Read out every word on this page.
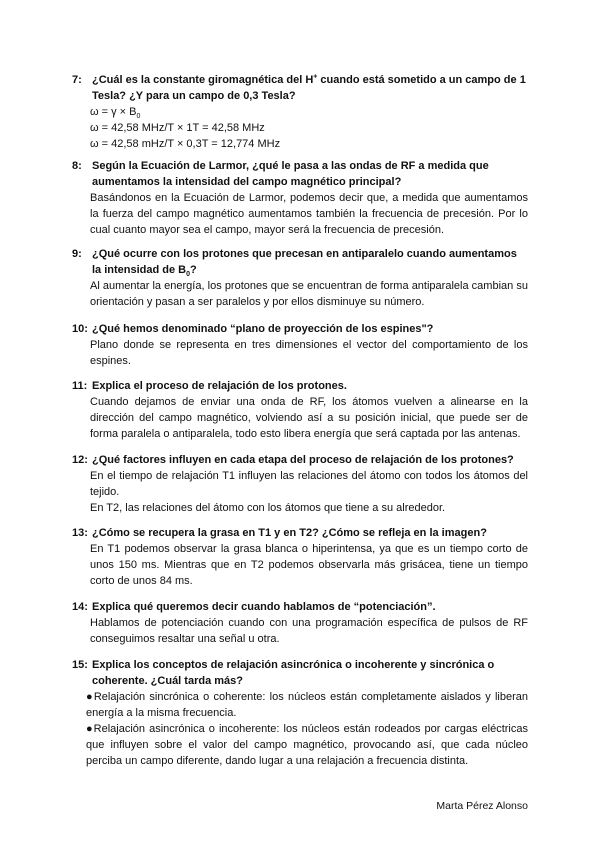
7: ¿Cuál es la constante giromagnética del H+ cuando está sometido a un campo de 1 Tesla? ¿Y para un campo de 0,3 Tesla?
$\omega = \gamma \times B_0$
ω = 42,58 MHz/T × 1T = 42,58 MHz
ω = 42,58 mHz/T × 0,3T = 12,774 MHz
8: Según la Ecuación de Larmor, ¿qué le pasa a las ondas de RF a medida que aumentamos la intensidad del campo magnético principal?
Basándonos en la Ecuación de Larmor, podemos decir que, a medida que aumentamos la fuerza del campo magnético aumentamos también la frecuencia de precesión. Por lo cual cuanto mayor sea el campo, mayor será la frecuencia de precesión.
9: ¿Qué ocurre con los protones que precesan en antiparalelo cuando aumentamos la intensidad de $B_0$?
Al aumentar la energía, los protones que se encuentran de forma antiparalela cambian su orientación y pasan a ser paralelos y por ellos disminuye su número.
10: ¿Qué hemos denominado “plano de proyección de los espines"?
Plano donde se representa en tres dimensiones el vector del comportamiento de los espines.
11: Explica el proceso de relajación de los protones.
Cuando dejamos de enviar una onda de RF, los átomos vuelven a alinearse en la dirección del campo magnético, volviendo así a su posición inicial, que puede ser de forma paralela o antiparalela, todo esto libera energía que será captada por las antenas.
12: ¿Qué factores influyen en cada etapa del proceso de relajación de los protones?
En el tiempo de relajación T1 influyen las relaciones del átomo con todos los átomos del tejido.
En T2, las relaciones del átomo con los átomos que tiene a su alrededor.
13: ¿Cómo se recupera la grasa en T1 y en T2? ¿Cómo se refleja en la imagen?
En T1 podemos observar la grasa blanca o hiperintensa, ya que es un tiempo corto de unos 150 ms. Mientras que en T2 podemos observarla más grisácea, tiene un tiempo corto de unos 84 ms.
14: Explica qué queremos decir cuando hablamos de “potenciación”.
Hablamos de potenciación cuando con una programación específica de pulsos de RF conseguimos resaltar una señal u otra.
15: Explica los conceptos de relajación asincrónica o incoherente y sincrónica o coherente. ¿Cuál tarda más?
●Relajación sincrónica o coherente: los núcleos están completamente aislados y liberan energía a la misma frecuencia.
●Relajación asincrónica o incoherente: los núcleos están rodeados por cargas eléctricas que influyen sobre el valor del campo magnético, provocando así, que cada núcleo perciba un campo diferente, dando lugar a una relajación a frecuencia distinta.
Marta Pérez Alonso
